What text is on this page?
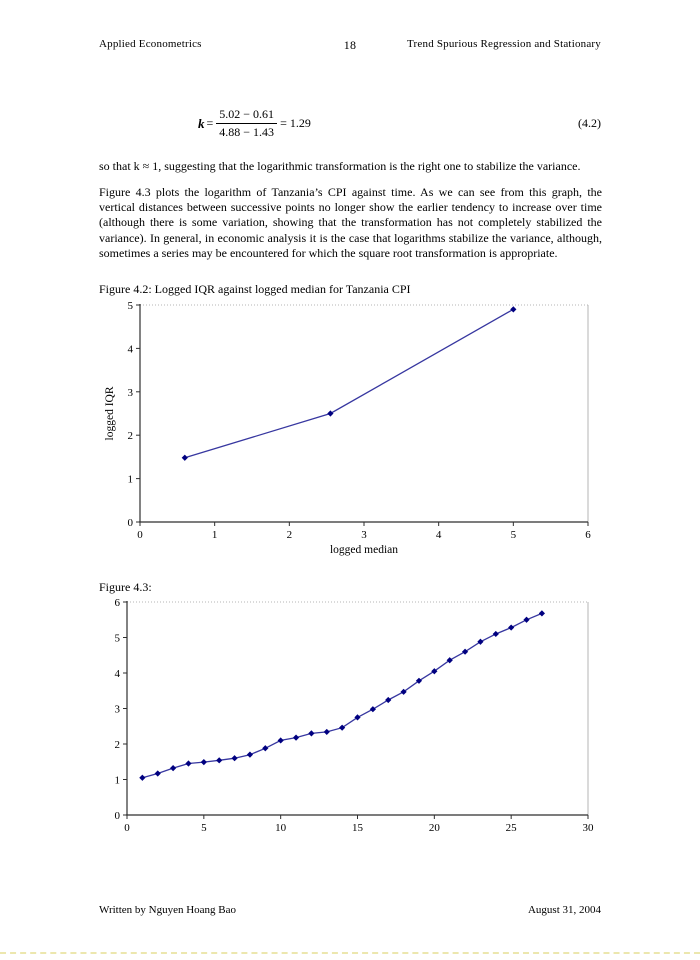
Applied Econometrics	18	Trend Spurious Regression and Stationary
$k = \frac{5.02 - 0.61}{4.88 - 1.43} = 1.29$	(4.2)

so that k ≈ 1, suggesting that the logarithmic transformation is the right one to stabilize the variance.

Figure 4.3 plots the logarithm of Tanzania’s CPI against time. As we can see from this graph, the vertical distances between successive points no longer show the earlier tendency to increase over time (although there is some variation, showing that the transformation has not completely stabilized the variance). In general, in economic analysis it is the case that logarithms stabilize the variance, although, sometimes a series may be encountered for which the square root transformation is appropriate.

Figure 4.2: Logged IQR against logged median for Tanzania CPI

0	1	2	3	4	5	6
0
1
2
3
4
5
logged median
logged IQR

Figure 4.3:

0	5	10	15	20	25	30
0
1
2
3
4
5
6
Written by Nguyen Hoang Bao	August 31, 2004
